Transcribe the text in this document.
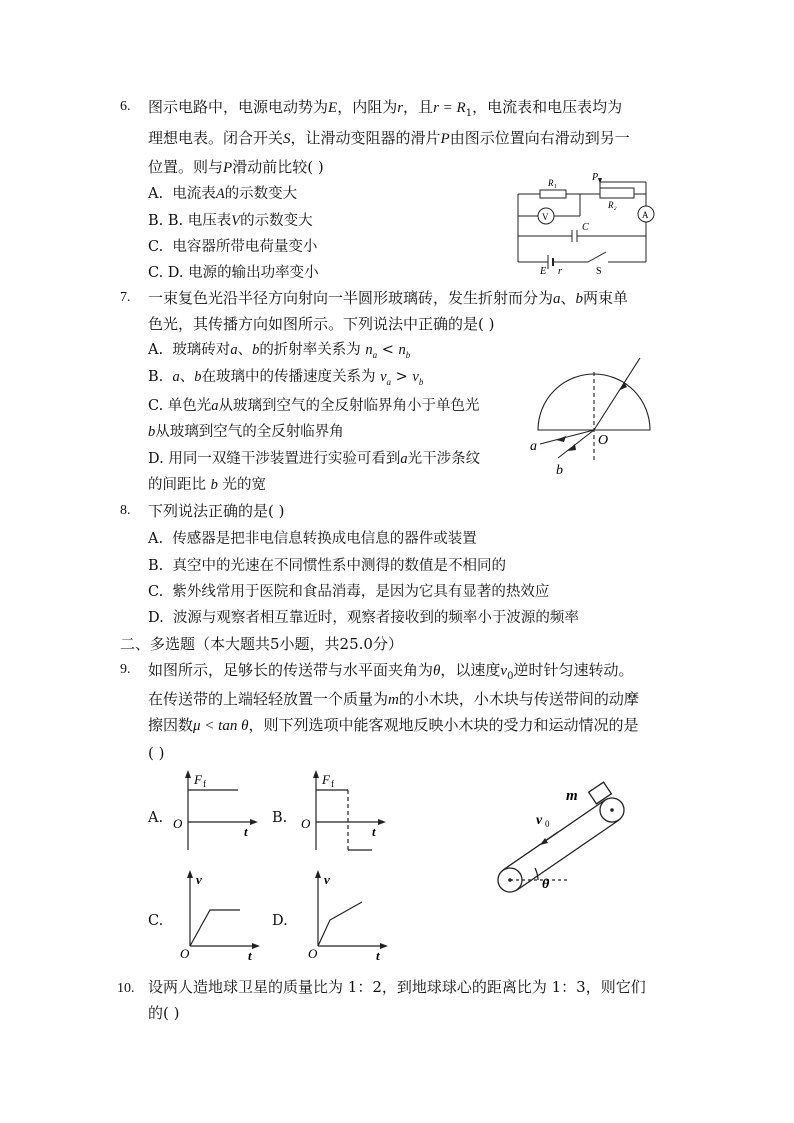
6. 图示电路中，电源电动势为E，内阻为r，且$r = R_1$，电流表和电压表均为
理想电表。闭合开关S，让滑动变阻器的滑片P由图示位置向右滑动到另一
位置。则与P滑动前比较( )
A. 电流表A的示数变大
B. B. 电压表V的示数变大
C. 电容器所带电荷量变小
C. D. 电源的输出功率变小
R₁	P
R₂
V	A
C
E r	S
7. 一束复色光沿半径方向射向一半圆形玻璃砖，发生折射而分为a、b两束单
色光，其传播方向如图所示。下列说法中正确的是( )
A. 玻璃砖对a、b的折射率关系为 $n_a < n_b$
B. a、b在玻璃中的传播速度关系为 $v_a > v_b$
C. 单色光a从玻璃到空气的全反射临界角小于单色光
b从玻璃到空气的全反射临界角
D. 用同一双缝干涉装置进行实验可看到a光干涉条纹
的间距比 b 光的宽
O
a
b
8. 下列说法正确的是( )
A. 传感器是把非电信息转换成电信息的器件或装置
B. 真空中的光速在不同惯性系中测得的数值是不相同的
C. 紫外线常用于医院和食品消毒，是因为它具有显著的热效应
D. 波源与观察者相互靠近时，观察者接收到的频率小于波源的频率
二、多选题（本大题共5小题，共25.0分）
9. 如图所示，足够长的传送带与水平面夹角为θ，以速度$v_0$逆时针匀速转动。
在传送带的上端轻轻放置一个质量为m的小木块，小木块与传送带间的动摩
擦因数μ < tan θ，则下列选项中能客观地反映小木块的受力和运动情况的是
( )
A.
F f
O
t
B.
F f
O
t
C.
v
O	t
D.
v
O	t
m
v 0
θ
10. 设两人造地球卫星的质量比为 1：2，到地球球心的距离比为 1：3，则它们
的( )
